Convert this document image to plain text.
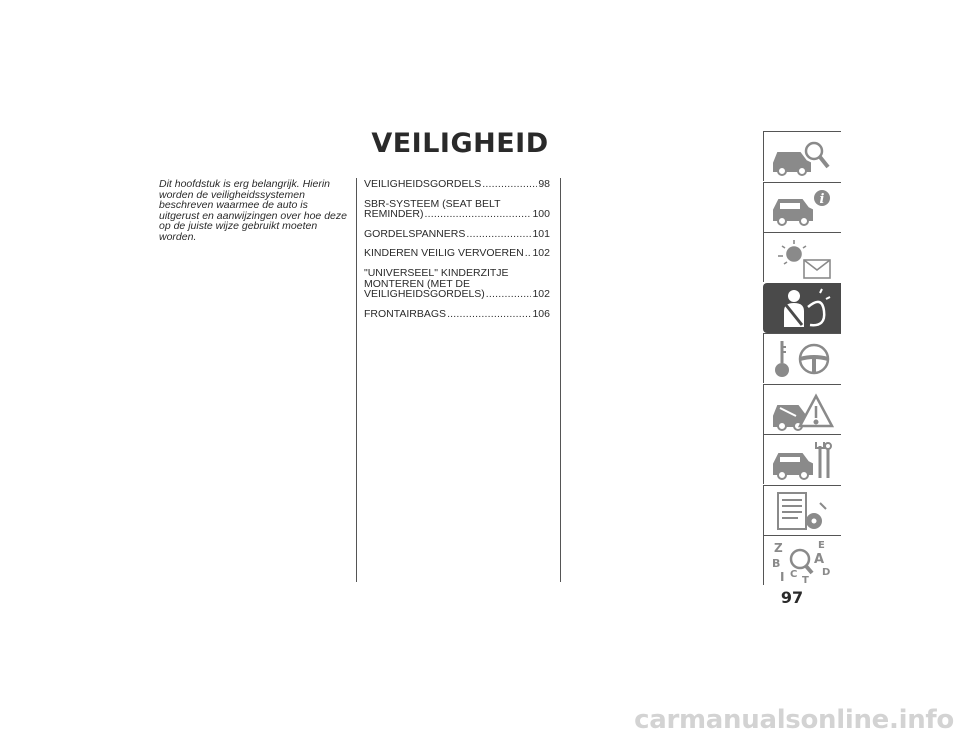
VEILIGHEID

Dit hoofdstuk is erg belangrijk. Hierin worden de veiligheidssystemen beschreven waarmee de auto is uitgerust en aanwijzingen over hoe deze op de juiste wijze gebruikt moeten worden.

VEILIGHEIDSGORDELS .....	98
SBR-SYSTEEM (SEAT BELT
REMINDER) .....	100
GORDELSPANNERS .....	101
KINDEREN VEILIG VERVOEREN ..... 102
"UNIVERSEEL" KINDERZITJE
MONTEREN (MET DE
VEILIGHEIDSGORDELS) .....	102
FRONTAIRBAGS .....	106
i
Z	E
B	A
I C D
T
97
carmanualsonline.info
